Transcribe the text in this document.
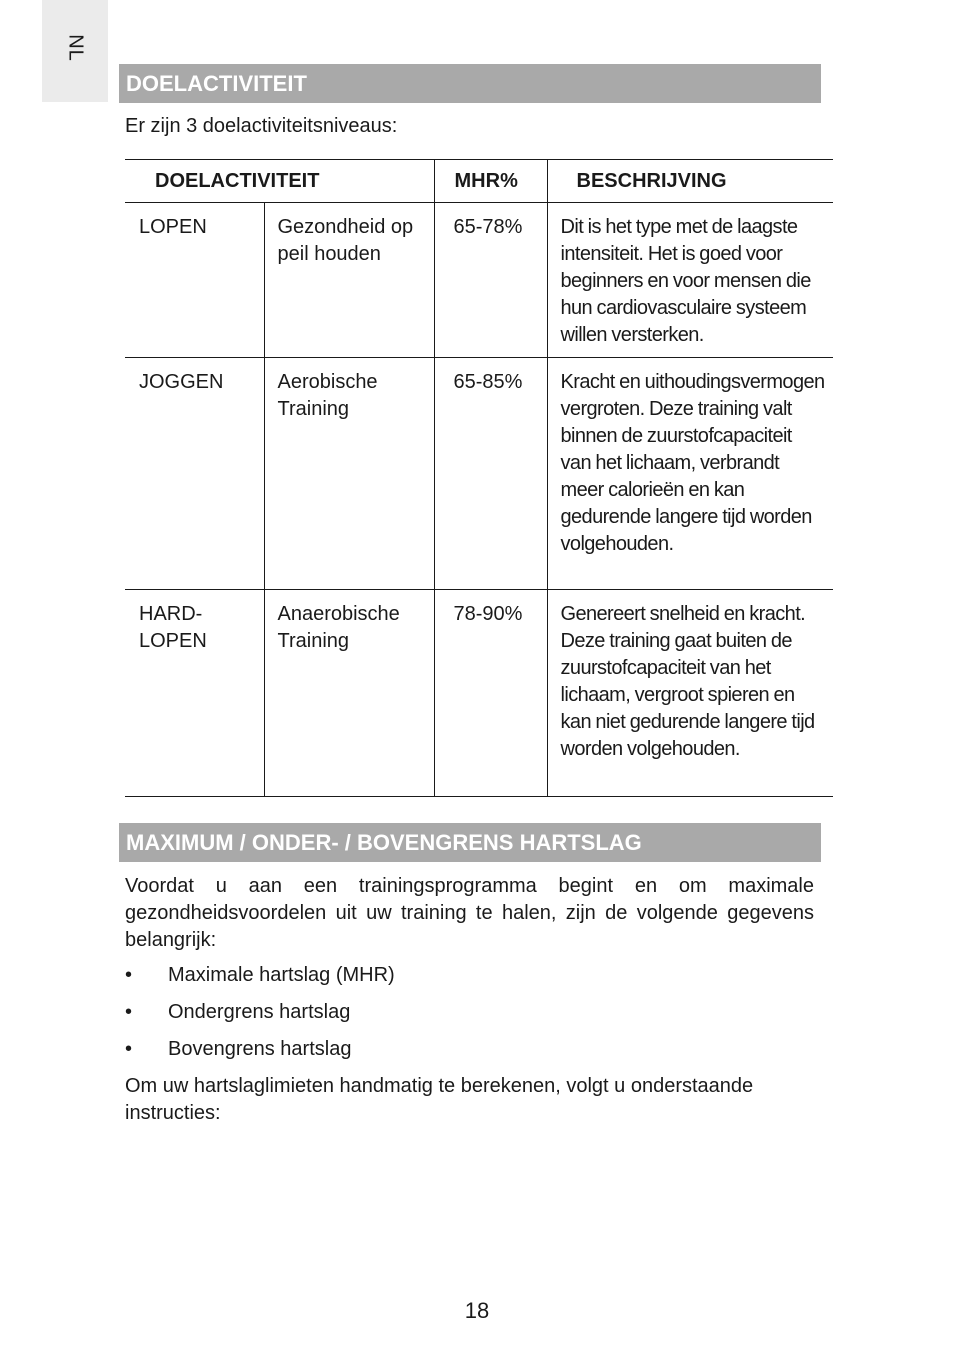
NL
DOELACTIVITEIT
Er zijn 3 doelactiviteitsniveaus:
DOELACTIVITEIT		MHR%	BESCHRIJVING
LOPEN	Gezondheid op peil houden	65-78%	Dit is het type met de laagste intensiteit. Het is goed voor beginners en voor mensen die hun cardiovasculaire systeem willen versterken.
JOGGEN	Aerobische Training	65-85%	Kracht en uithoudingsvermogen vergroten. Deze training valt binnen de zuurstofcapaciteit van het lichaam, verbrandt meer calorieën en kan gedurende langere tijd worden volgehouden.
HARD- LOPEN	Anaerobische Training	78-90%	Genereert snelheid en kracht. Deze training gaat buiten de zuurstofcapaciteit van het lichaam, vergroot spieren en kan niet gedurende langere tijd worden volgehouden.
MAXIMUM / ONDER- / BOVENGRENS HARTSLAG
Voordat u aan een trainingsprogramma begint en om maximale gezondheidsvoordelen uit uw training te halen, zijn de volgende gegevens belangrijk:
• Maximale hartslag (MHR)
• Ondergrens hartslag
• Bovengrens hartslag
Om uw hartslaglimieten handmatig te berekenen, volgt u onderstaande instructies:
18
